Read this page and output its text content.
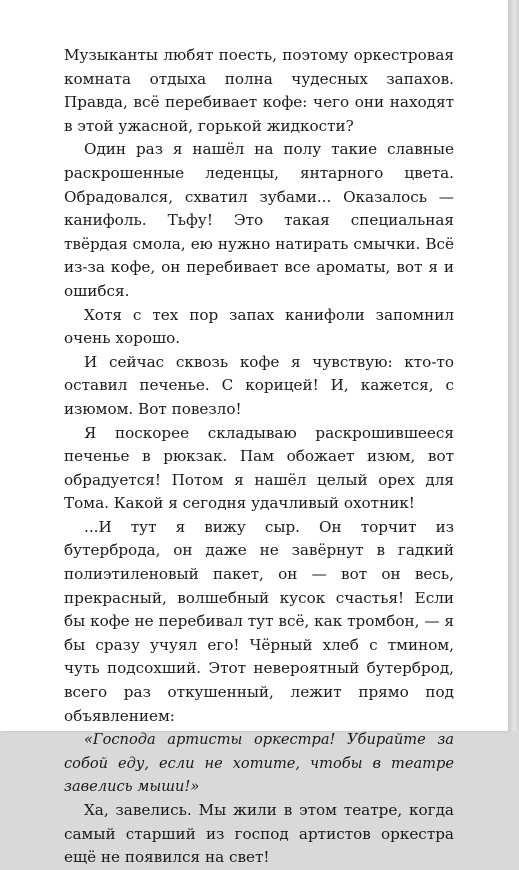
Музыканты любят поесть, поэтому оркестровая комната отдыха полна чудесных запахов. Правда, всё перебивает кофе: чего они находят в этой ужасной, горькой жидкости?

Один раз я нашёл на полу такие славные раскрошенные леденцы, янтарного цвета. Обрадовался, схватил зубами... Оказалось — канифоль. Тьфу! Это такая специальная твёрдая смола, ею нужно натирать смычки. Всё из-за кофе, он перебивает все ароматы, вот я и ошибся.

Хотя с тех пор запах канифоли запомнил очень хорошо.

И сейчас сквозь кофе я чувствую: кто-то оставил печенье. С корицей! И, кажется, с изюмом. Вот повезло!

Я поскорее складываю раскрошившееся печенье в рюкзак. Пам обожает изюм, вот обрадуется! Потом я нашёл целый орех для Тома. Какой я сегодня удачливый охотник!

...И тут я вижу сыр. Он торчит из бутерброда, он даже не завёрнут в гадкий полиэтиленовый пакет, он — вот он весь, прекрасный, волшебный кусок счастья! Если бы кофе не перебивал тут всё, как тромбон, — я бы сразу учуял его! Чёрный хлеб с тмином, чуть подсохший. Этот невероятный бутерброд, всего раз откушенный, лежит прямо под объявлением:

«Господа артисты оркестра! Убирайте за собой еду, если не хотите, чтобы в театре завелись мыши!»

Ха, завелись. Мы жили в этом театре, когда самый старший из господ артистов оркестра ещё не появился на свет!
